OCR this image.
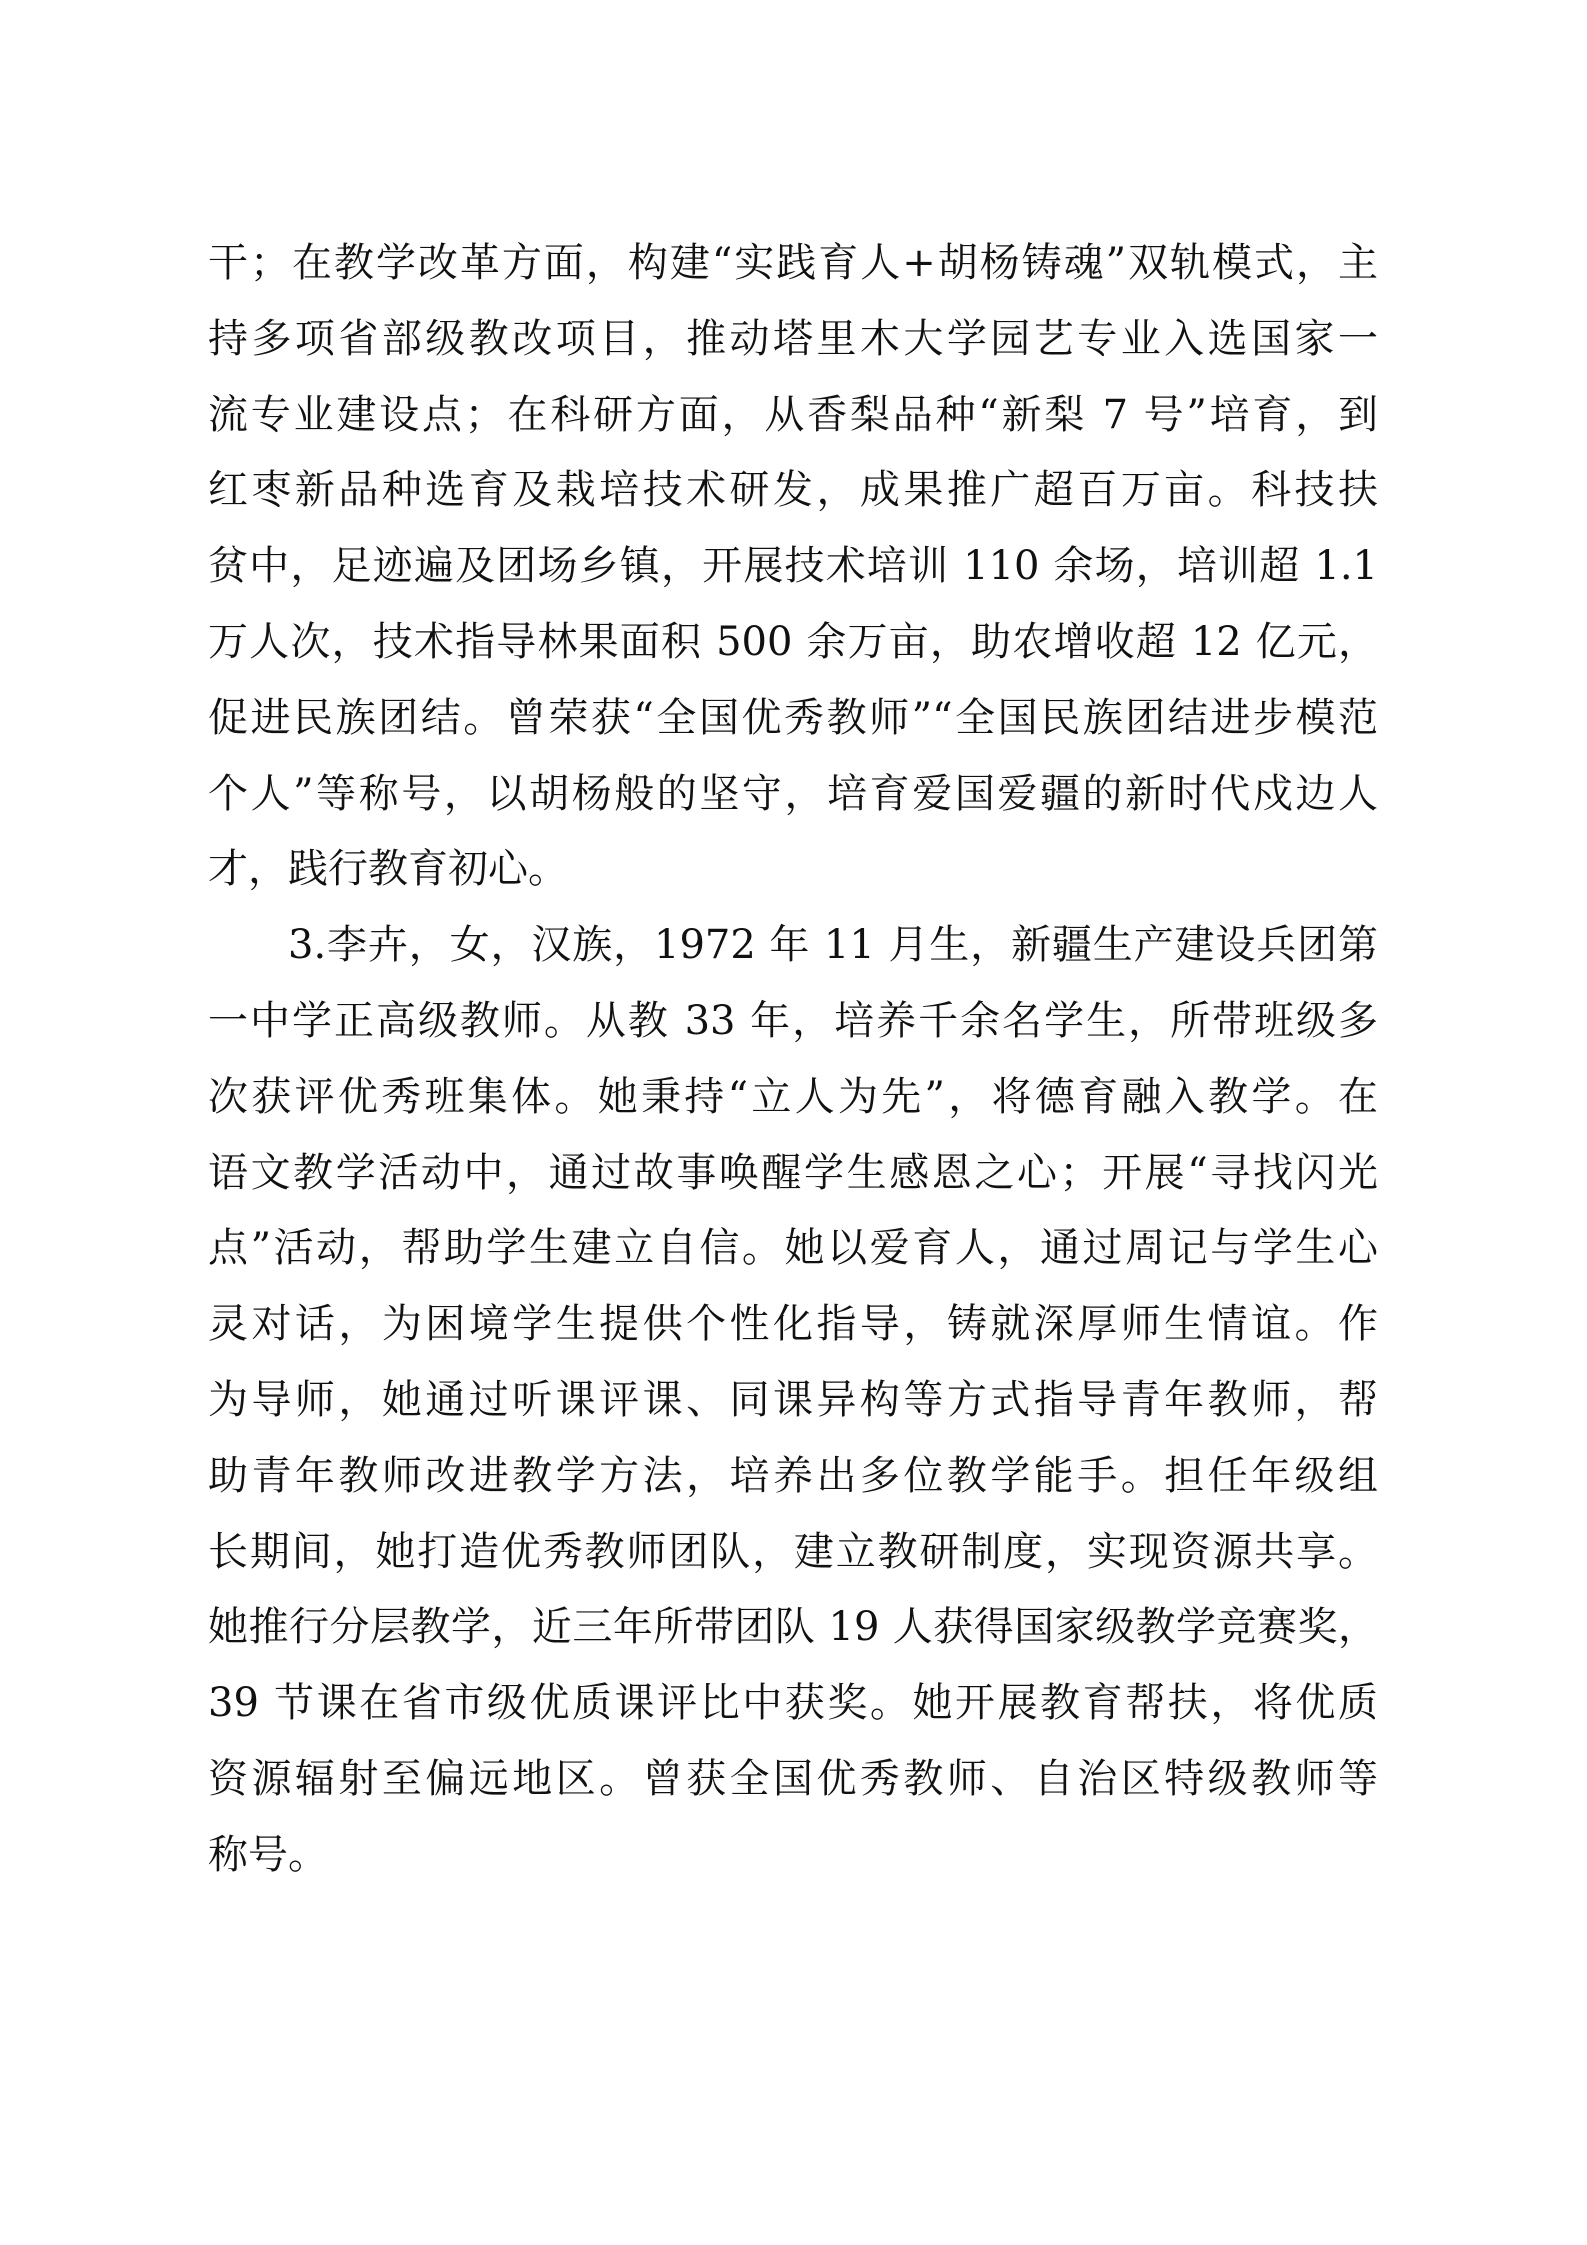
干；在教学改革方面，构建“实践育人+胡杨铸魂”双轨模式，主
持多项省部级教改项目，推动塔里木大学园艺专业入选国家一
流专业建设点；在科研方面，从香梨品种“新梨 7 号”培育，到
红枣新品种选育及栽培技术研发，成果推广超百万亩。科技扶
贫中，足迹遍及团场乡镇，开展技术培训 110 余场，培训超 1.1
万人次，技术指导林果面积 500 余万亩，助农增收超 12 亿元，
促进民族团结。曾荣获“全国优秀教师”“全国民族团结进步模范
个人”等称号，以胡杨般的坚守，培育爱国爱疆的新时代戍边人
才，践行教育初心。
3.李卉，女，汉族，1972 年 11 月生，新疆生产建设兵团第
一中学正高级教师。从教 33 年，培养千余名学生，所带班级多
次获评优秀班集体。她秉持“立人为先”，将德育融入教学。在
语文教学活动中，通过故事唤醒学生感恩之心；开展“寻找闪光
点”活动，帮助学生建立自信。她以爱育人，通过周记与学生心
灵对话，为困境学生提供个性化指导，铸就深厚师生情谊。作
为导师，她通过听课评课、同课异构等方式指导青年教师，帮
助青年教师改进教学方法，培养出多位教学能手。担任年级组
长期间，她打造优秀教师团队，建立教研制度，实现资源共享。
她推行分层教学，近三年所带团队 19 人获得国家级教学竞赛奖，
39 节课在省市级优质课评比中获奖。她开展教育帮扶，将优质
资源辐射至偏远地区。曾获全国优秀教师、自治区特级教师等
称号。
